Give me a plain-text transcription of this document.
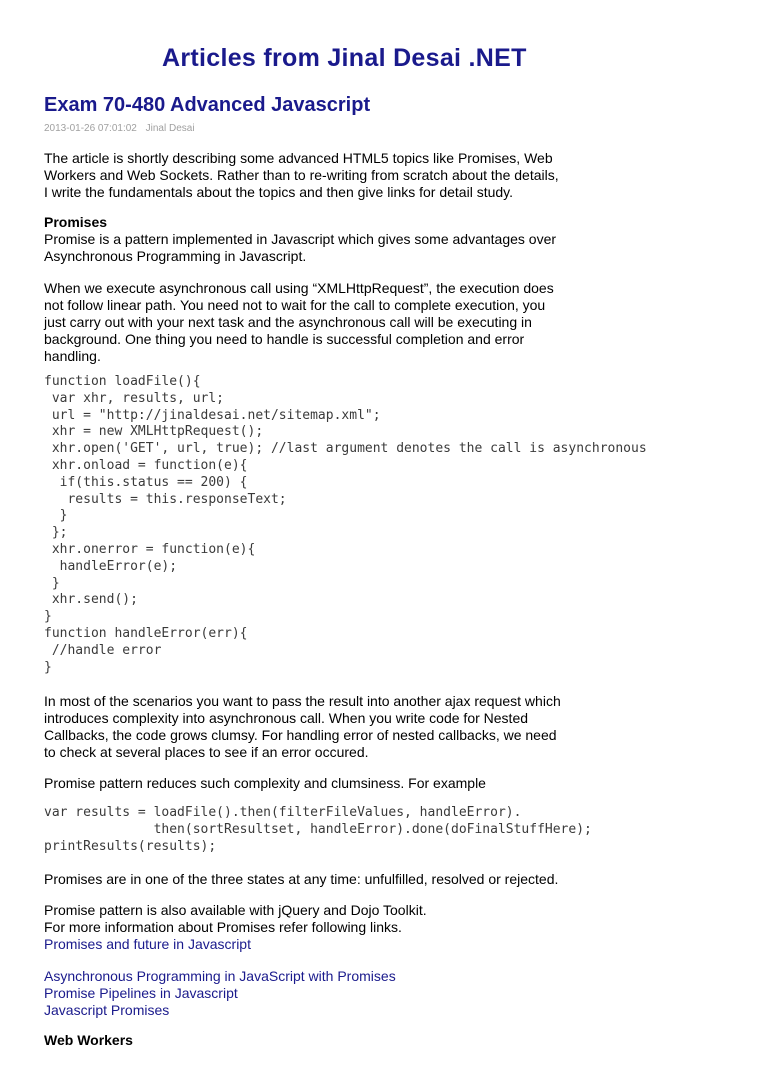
Articles from Jinal Desai .NET
Exam 70-480 Advanced Javascript
2013-01-26 07:01:02 Jinal Desai

The article is shortly describing some advanced HTML5 topics like Promises, Web

Workers and Web Sockets. Rather than to re-writing from scratch about the details,

I write the fundamentals about the topics and then give links for detail study.

Promises

Promise is a pattern implemented in Javascript which gives some advantages over

Asynchronous Programming in Javascript.

When we execute asynchronous call using “XMLHttpRequest”, the execution does

not follow linear path. You need not to wait for the call to complete execution, you

just carry out with your next task and the asynchronous call will be executing in

background. One thing you need to handle is successful completion and error

handling.

function loadFile(){
var xhr, results, url;
url = "http://jinaldesai.net/sitemap.xml";
xhr = new XMLHttpRequest();
xhr.open('GET', url, true); //last argument denotes the call is asynchronous
xhr.onload = function(e){
if(this.status == 200) {
results = this.responseText;
}
};
xhr.onerror = function(e){
handleError(e);
}
xhr.send();
}
function handleError(err){
//handle error
}

In most of the scenarios you want to pass the result into another ajax request which

introduces complexity into asynchronous call. When you write code for Nested

Callbacks, the code grows clumsy. For handling error of nested callbacks, we need

to check at several places to see if an error occured.

Promise pattern reduces such complexity and clumsiness. For example

var results = loadFile().then(filterFileValues, handleError).
then(sortResultset, handleError).done(doFinalStuffHere);
printResults(results);

Promises are in one of the three states at any time: unfulfilled, resolved or rejected.

Promise pattern is also available with jQuery and Dojo Toolkit.

For more information about Promises refer following links.

Promises and future in Javascript
Asynchronous Programming in JavaScript with Promises
Promise Pipelines in Javascript
Javascript Promises

Web Workers
